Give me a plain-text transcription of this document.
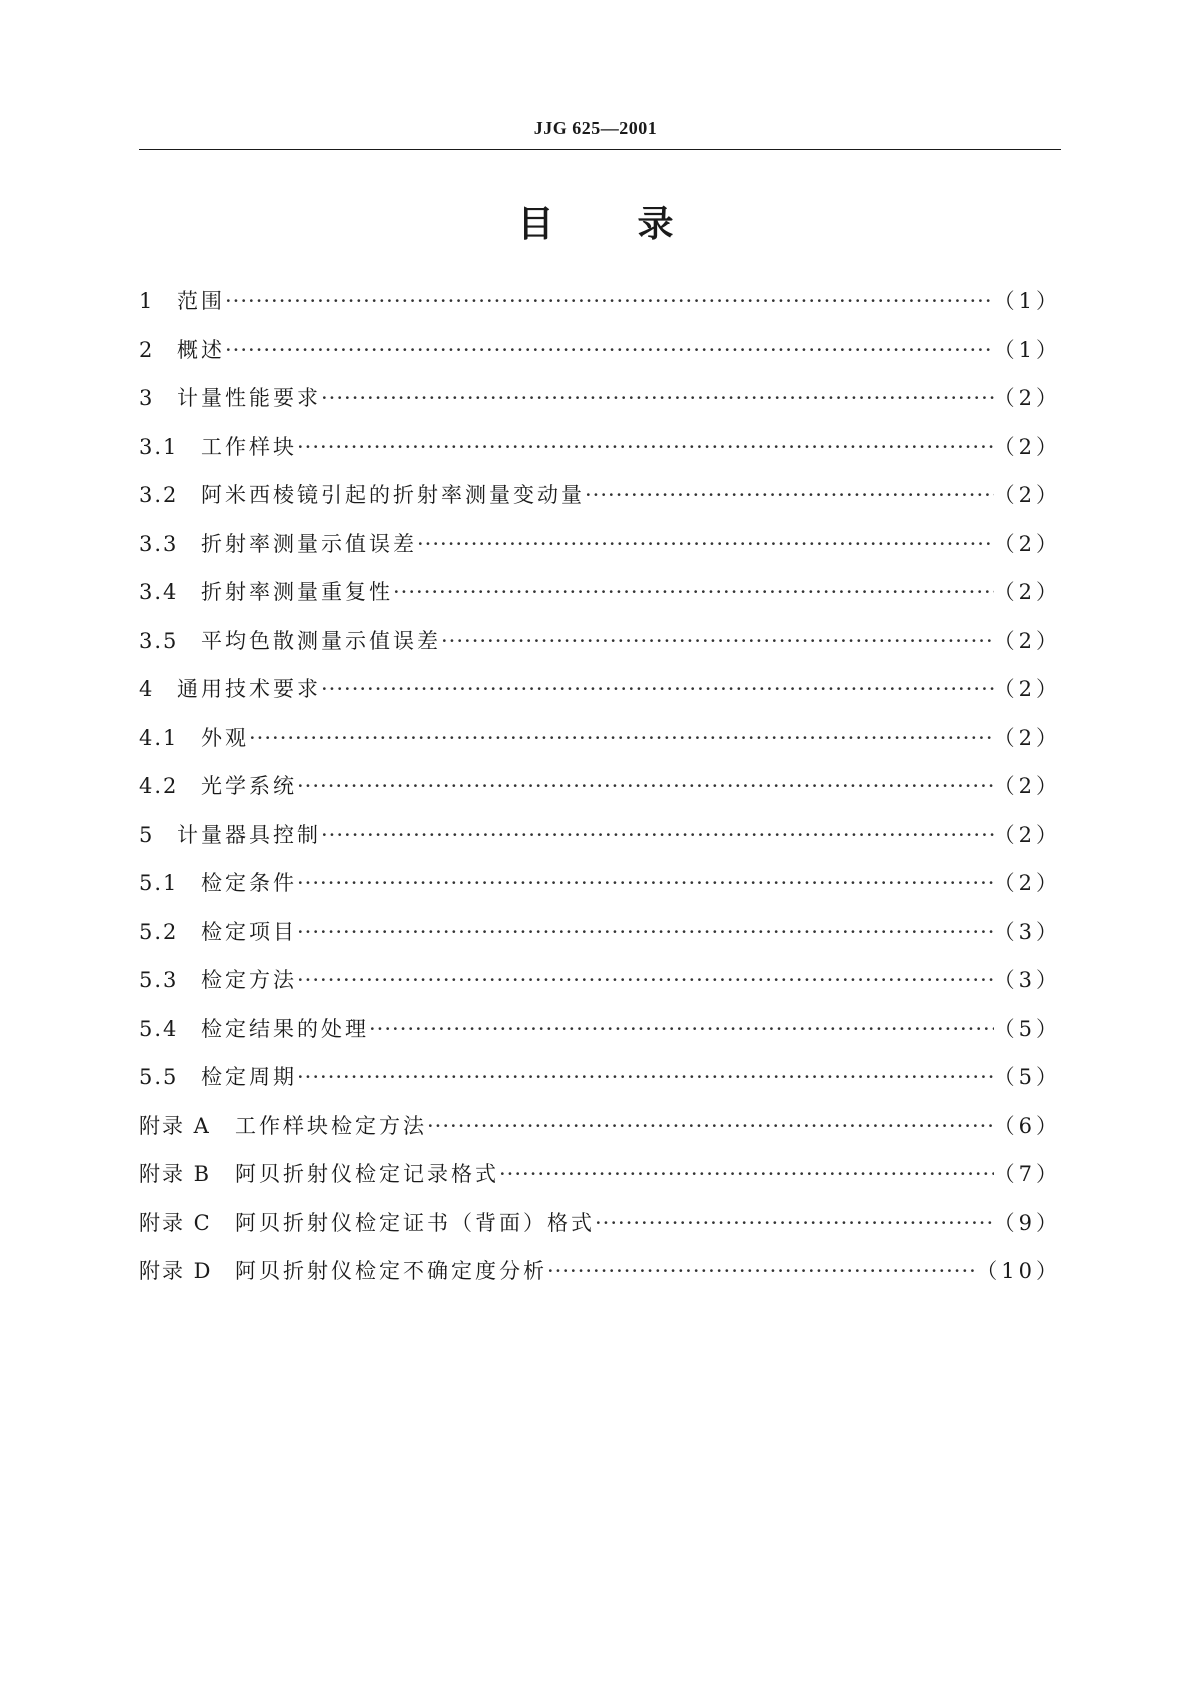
JJG 625—2001
目 录
1	范围 ·····	（1）
2	概述 ·····	（1）
3	计量性能要求 ·····	（2）
3.1	工作样块 ·····	（2）
3.2	阿米西棱镜引起的折射率测量变动量 ·····	（2）
3.3	折射率测量示值误差 ·····	（2）
3.4	折射率测量重复性 ·····	（2）
3.5	平均色散测量示值误差 ·····	（2）
4	通用技术要求 ·····	（2）
4.1	外观 ·····	（2）
4.2	光学系统 ·····	（2）
5	计量器具控制 ·····	（2）
5.1	检定条件 ·····	（2）
5.2	检定项目 ·····	（3）
5.3	检定方法 ·····	（3）
5.4	检定结果的处理 ·····	（5）
5.5	检定周期 ·····	（5）
附录 A	工作样块检定方法 ·····	（6）
附录 B	阿贝折射仪检定记录格式 ·····	（7）
附录 C	阿贝折射仪检定证书（背面）格式 ·····	（9）
附录 D	阿贝折射仪检定不确定度分析 ·····	（10）
